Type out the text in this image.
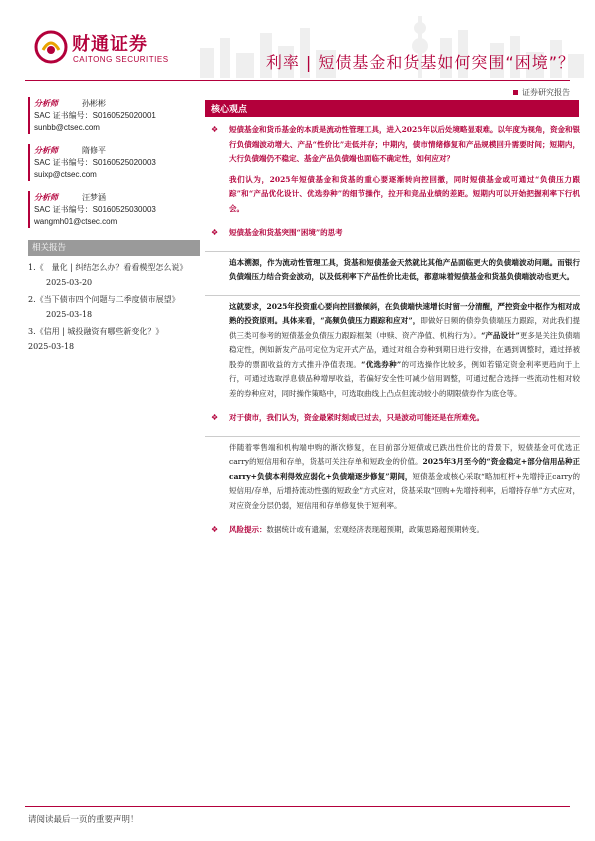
财通证券
CAITONG SECURITIES	利率 | 短债基金和货基如何突围“困境”？
证券研究报告
分析师	孙彬彬
SAC 证书编号：S0160525020001
sunbb@ctsec.com
分析师	隋修平
SAC 证书编号：S0160525020003
suixp@ctsec.com
分析师	汪梦涵
SAC 证书编号：S0160525030003
wangmh01@ctsec.com
相关报告
1.《　量化 | 纠结怎么办？看看模型怎么说》 2025-03-20
2.《当下债市四个问题与二季度债市展望》 2025-03-18
3.《信用 | 城投融资有哪些新变化？》
2025-03-18
核心观点
❖ 短债基金和货币基金的本质是流动性管理工具，进入2025年以后处境略显艰难。以年度为视角，资金和银行负债端波动增大、产品“性价比”走低并存；中期内，债市情绪修复和产品规模回升需要时间；短期内，大行负债端仍不稳定、基金产品负债端也面临不确定性，如何应对？
我们认为，2025年短债基金和货基的重心要逐渐转向控回撤，同时短债基金或可通过“负债压力跟踪”和“产品优化设计、优选券种”的细节操作，拉开和竞品业绩的差距。短期内可以开始把握利率下行机会。
❖ 短债基金和货基突围“困境”的思考
追本溯源，作为流动性管理工具，货基和短债基金天然就比其他产品面临更大的负债端波动问题。而银行负债端压力结合资金波动，以及低利率下产品性价比走低，都意味着短债基金和货基负债端波动也更大。
这就要求，2025年投资重心要向控回撤倾斜，在负债端快速增长时留一分清醒，严控资金中枢作为相对成熟的投资原则。具体来看，“高频负债压力跟踪和应对”，即做好日频的债券负债端压力跟踪，对此我们提供三类可参考的短债基金负债压力跟踪框架（申赎、资产净值、机构行为）。“产品设计”更多是关注负债端稳定性，例如新发产品可定位为定开式产品，通过对组合券种到期日进行安排，在遇到调整时，通过择被股券的票面收益的方式推升净值表现。“优选券种”的可选操作比较多，例如若锚定资金利率更趋向于上行，可通过选取浮息债品种增厚收益，若偏好安全性可减少信用调整，可通过配合选择一些流动性相对较差的券种应对，同时操作策略中，可选取曲线上凸点但流动较小的期限债券作为底仓等。
❖ 对于债市，我们认为，资金最紧时刻或已过去，只是波动可能还是在所难免。
伴随着零售端和机构端申购的渐次修复，在目前部分短债或已跌出性价比的背景下，短债基金可优选正carry的短信用和存单，货基可关注存单和短政金的价值。2025年3月至今的“资金稳定+部分信用品种正carry+负债本利得效应弱化+负债端逐步修复”期间，短债基金或核心采取“略加杠杆+先增持正carry的短信用/存单，后增持流动性强的短政金”方式应对，货基采取“回购+先增持利率，后增持存单”方式应对，对应资金分层仍弱，短信用和存单修复快于短利率。
❖ 风险提示：数据统计或有遗漏，宏观经济表现超预期，政策思路超预期转变。
请阅读最后一页的重要声明！
